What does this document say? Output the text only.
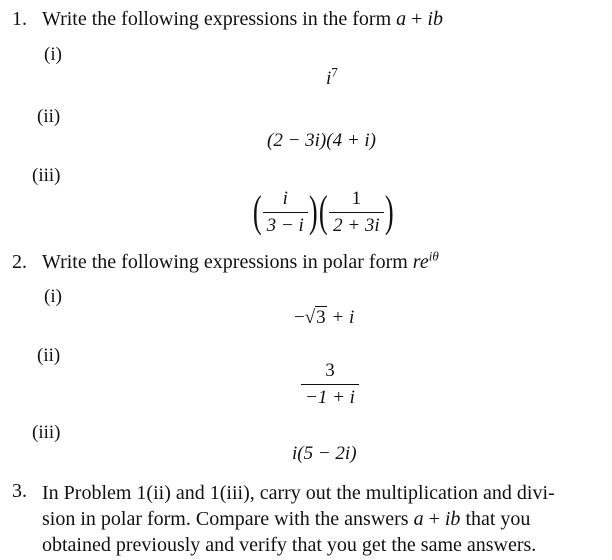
1. Write the following expressions in the form a + ib
(i)
$i^7$
(ii)
(2 − 3i)(4 + i)
(iii)
( $\frac{i}{3 - i}$ ) ( $\frac{1}{2 + 3i}$ )
2. Write the following expressions in polar form $re^{i\theta}$
(i)
−√3 + i
(ii)
$\frac{3}{-1 + i}$
(iii)
i(5 − 2i)
3. In Problem 1(ii) and 1(iii), carry out the multiplication and divi-
sion in polar form. Compare with the answers a + ib that you
obtained previously and verify that you get the same answers.
